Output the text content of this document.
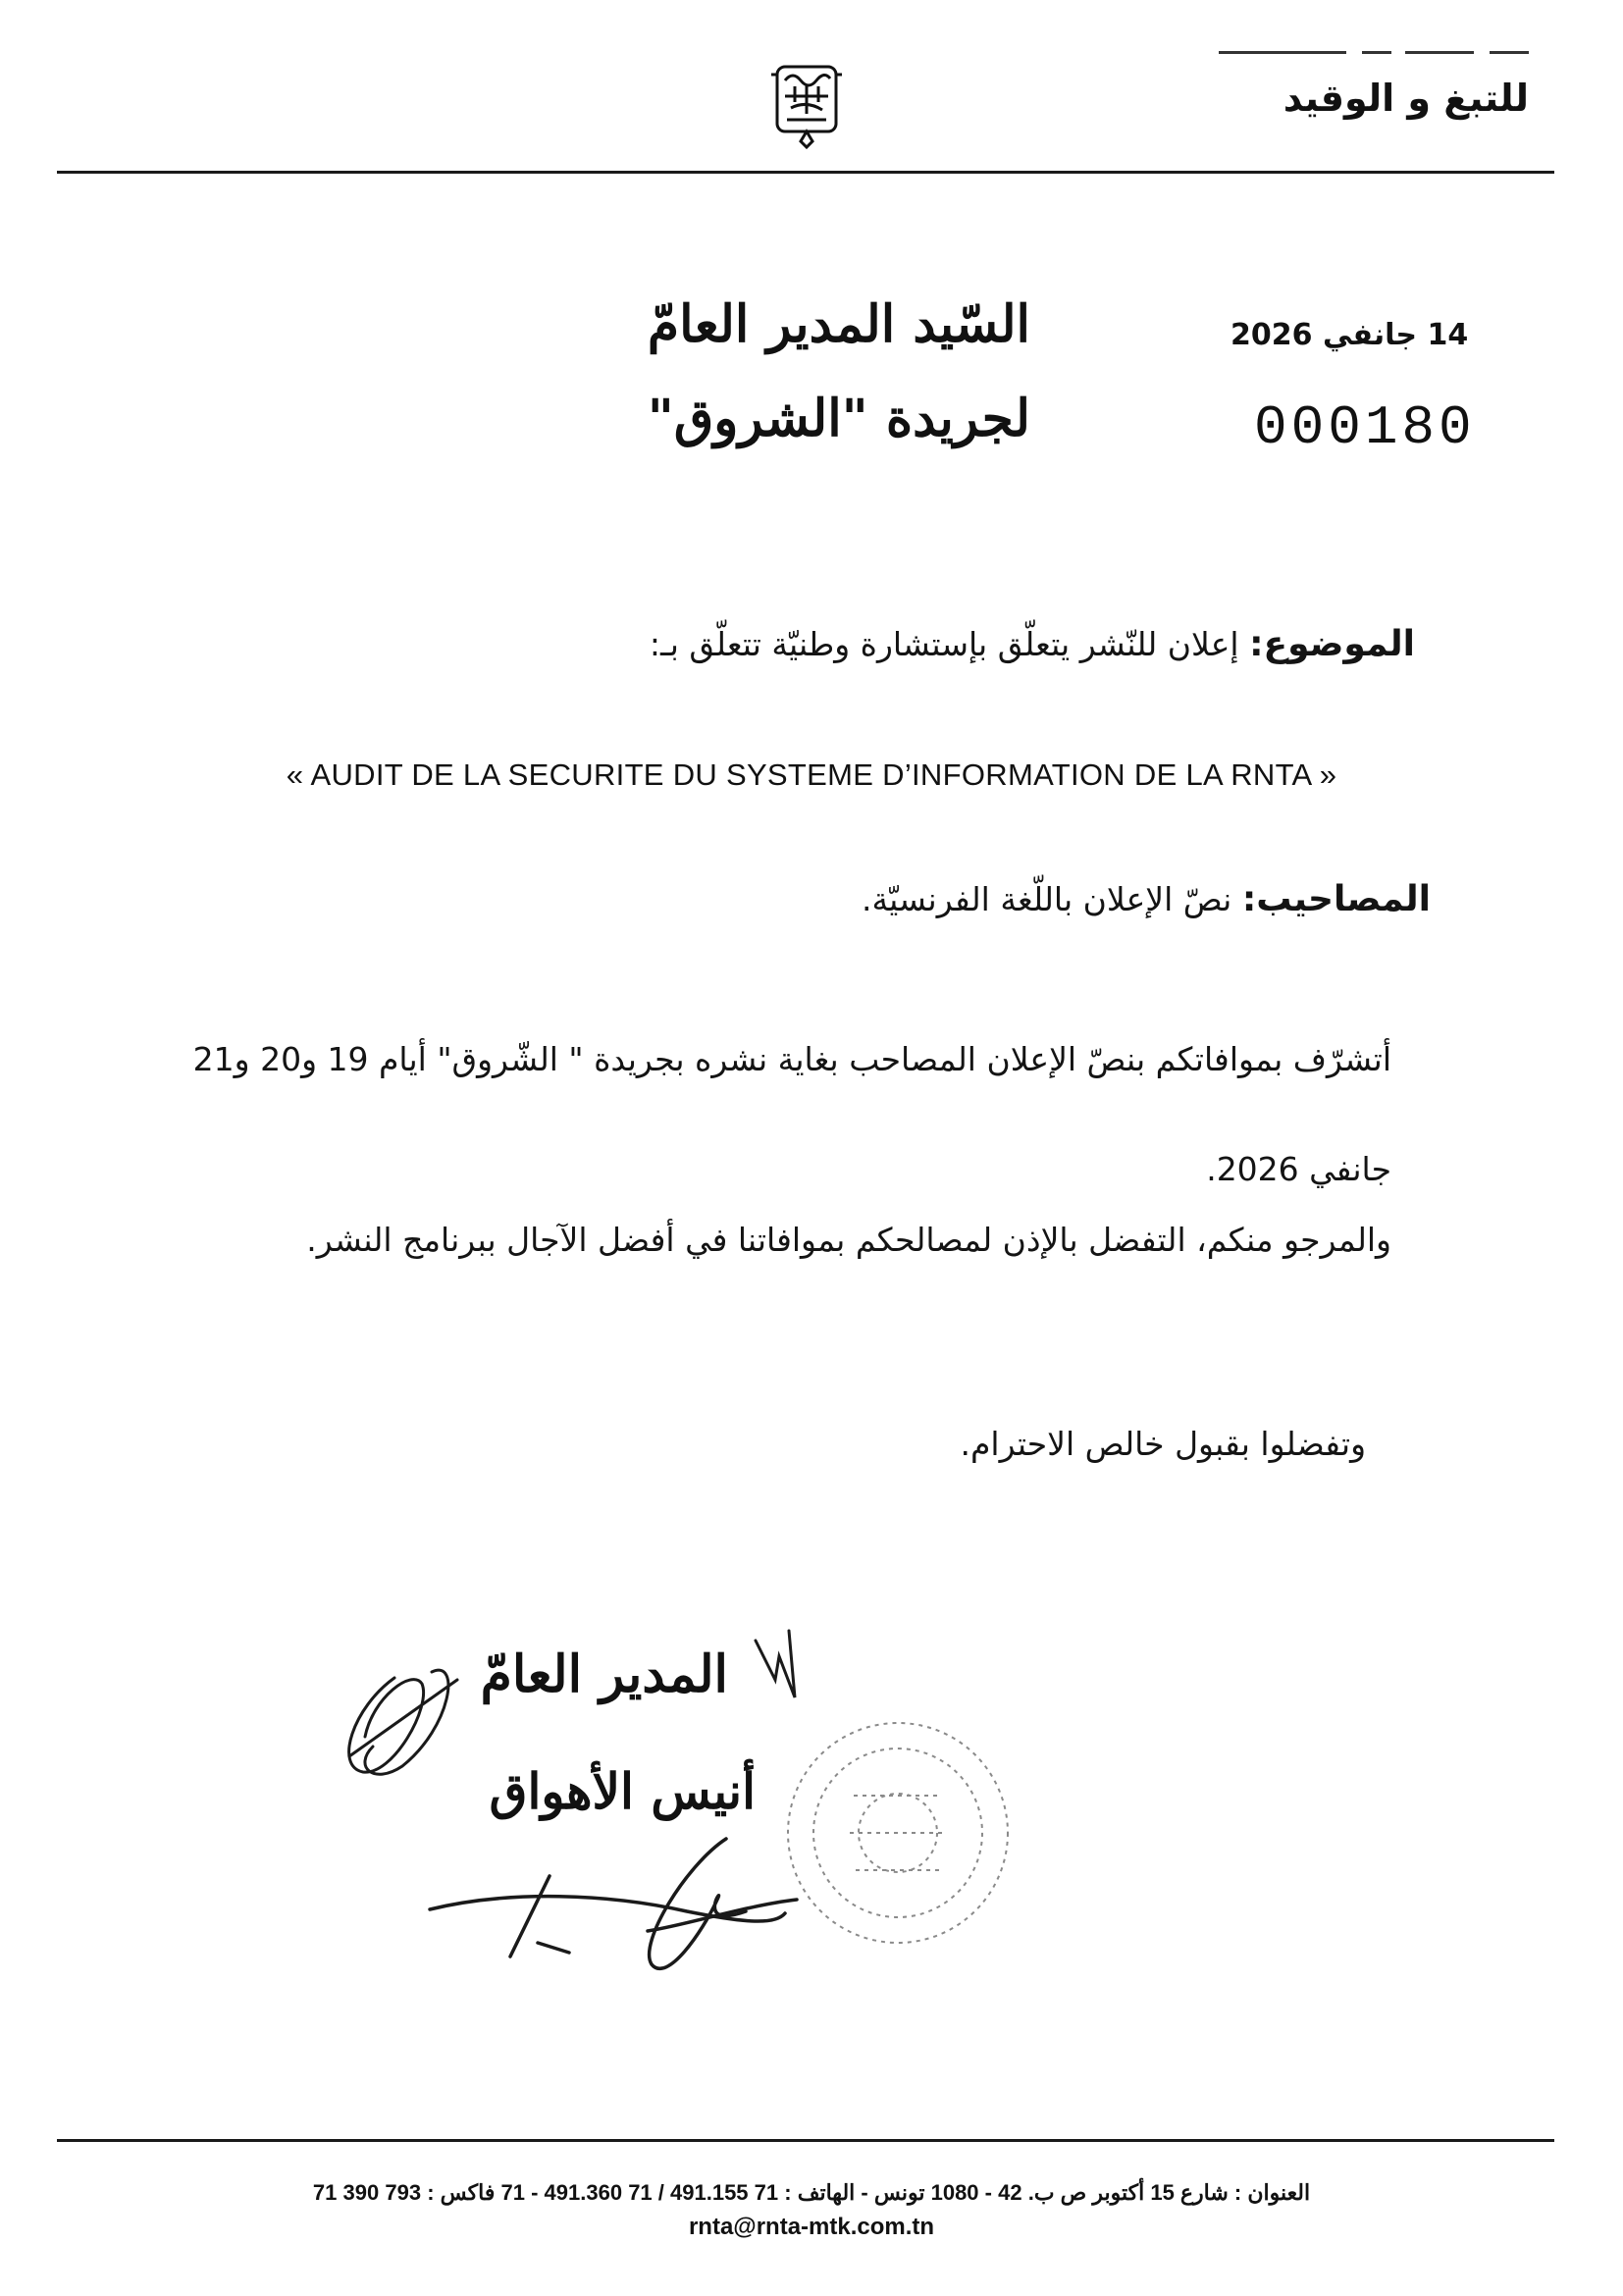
للتبغ و الوقيد
السّيد المدير العامّ
لجريدة "الشروق"
14 جانفي 2026
000180
الموضوع: إعلان للنّشر يتعلّق بإستشارة وطنيّة تتعلّق بـ:
« AUDIT DE LA SECURITE DU SYSTEME D’INFORMATION DE LA RNTA »
المصاحيب: نصّ الإعلان باللّغة الفرنسيّة.
أتشرّف بموافاتكم بنصّ الإعلان المصاحب بغاية نشره بجريدة " الشّروق" أيام 19 و20 و21 جانفي 2026.
والمرجو منكم، التفضل بالإذن لمصالحكم بموافاتنا في أفضل الآجال ببرنامج النشر.
وتفضلوا بقبول خالص الاحترام.
المدير العامّ
أنيس الأهواق
العنوان : شارع 15 أكتوبر ص ب. 42 - 1080 تونس - الهاتف : 71 491.155 / 71 491.360 - 71 فاكس : 793 390 71
rnta@rnta-mtk.com.tn
